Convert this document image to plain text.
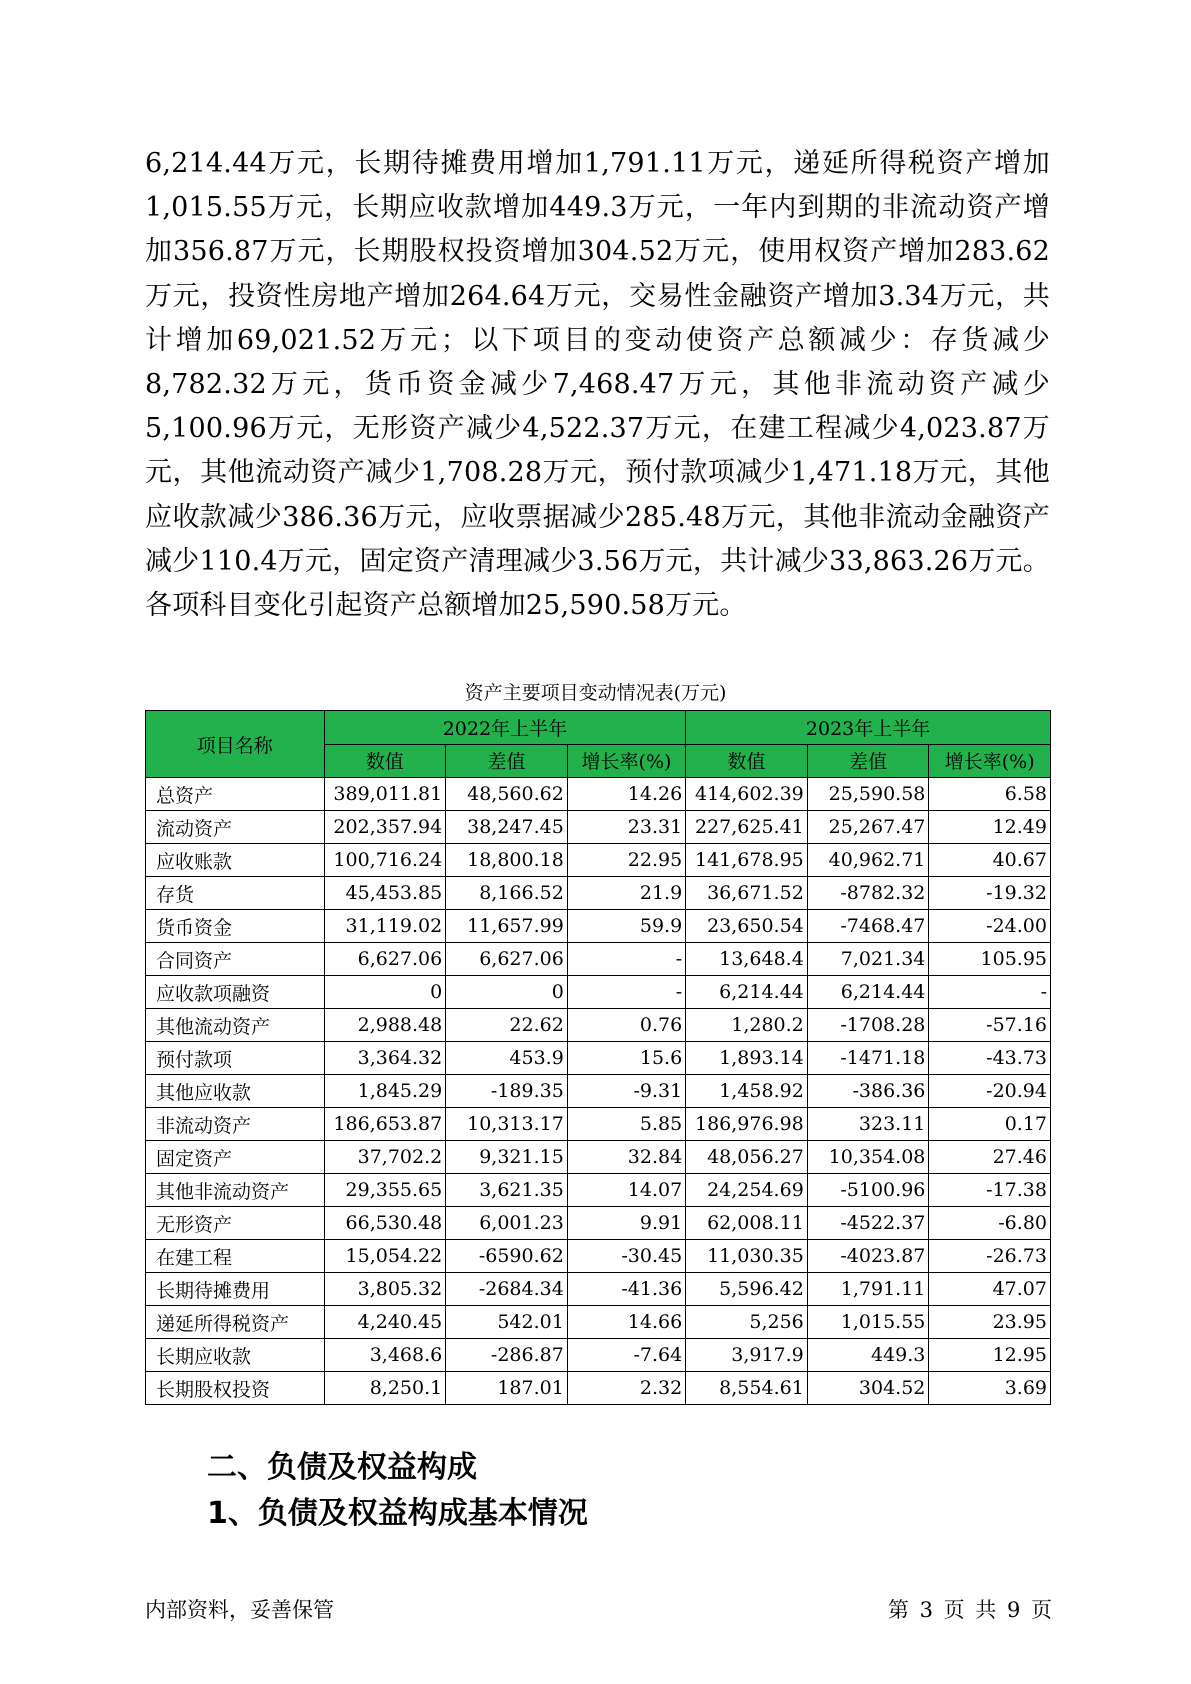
6,214.44万元，长期待摊费用增加1,791.11万元，递延所得税资产增加1,015.55万元，长期应收款增加449.3万元，一年内到期的非流动资产增加356.87万元，长期股权投资增加304.52万元，使用权资产增加283.62万元，投资性房地产增加264.64万元，交易性金融资产增加3.34万元，共计增加69,021.52万元；以下项目的变动使资产总额减少：存货减少8,782.32万元，货币资金减少7,468.47万元，其他非流动资产减少5,100.96万元，无形资产减少4,522.37万元，在建工程减少4,023.87万元，其他流动资产减少1,708.28万元，预付款项减少1,471.18万元，其他应收款减少386.36万元，应收票据减少285.48万元，其他非流动金融资产减少110.4万元，固定资产清理减少3.56万元，共计减少33,863.26万元。各项科目变化引起资产总额增加25,590.58万元。

资产主要项目变动情况表(万元)
项目名称	2022年上半年			2023年上半年		
	数值	差值	增长率(%)	数值	差值	增长率(%)
总资产	389,011.81	48,560.62	14.26	414,602.39	25,590.58	6.58
流动资产	202,357.94	38,247.45	23.31	227,625.41	25,267.47	12.49
应收账款	100,716.24	18,800.18	22.95	141,678.95	40,962.71	40.67
存货	45,453.85	8,166.52	21.9	36,671.52	-8782.32	-19.32
货币资金	31,119.02	11,657.99	59.9	23,650.54	-7468.47	-24.00
合同资产	6,627.06	6,627.06	-	13,648.4	7,021.34	105.95
应收款项融资	0	0	-	6,214.44	6,214.44	-
其他流动资产	2,988.48	22.62	0.76	1,280.2	-1708.28	-57.16
预付款项	3,364.32	453.9	15.6	1,893.14	-1471.18	-43.73
其他应收款	1,845.29	-189.35	-9.31	1,458.92	-386.36	-20.94
非流动资产	186,653.87	10,313.17	5.85	186,976.98	323.11	0.17
固定资产	37,702.2	9,321.15	32.84	48,056.27	10,354.08	27.46
其他非流动资产	29,355.65	3,621.35	14.07	24,254.69	-5100.96	-17.38
无形资产	66,530.48	6,001.23	9.91	62,008.11	-4522.37	-6.80
在建工程	15,054.22	-6590.62	-30.45	11,030.35	-4023.87	-26.73
长期待摊费用	3,805.32	-2684.34	-41.36	5,596.42	1,791.11	47.07
递延所得税资产	4,240.45	542.01	14.66	5,256	1,015.55	23.95
长期应收款	3,468.6	-286.87	-7.64	3,917.9	449.3	12.95
长期股权投资	8,250.1	187.01	2.32	8,554.61	304.52	3.69
二、负债及权益构成
1、负债及权益构成基本情况
内部资料，妥善保管	第 3 页 共 9 页
